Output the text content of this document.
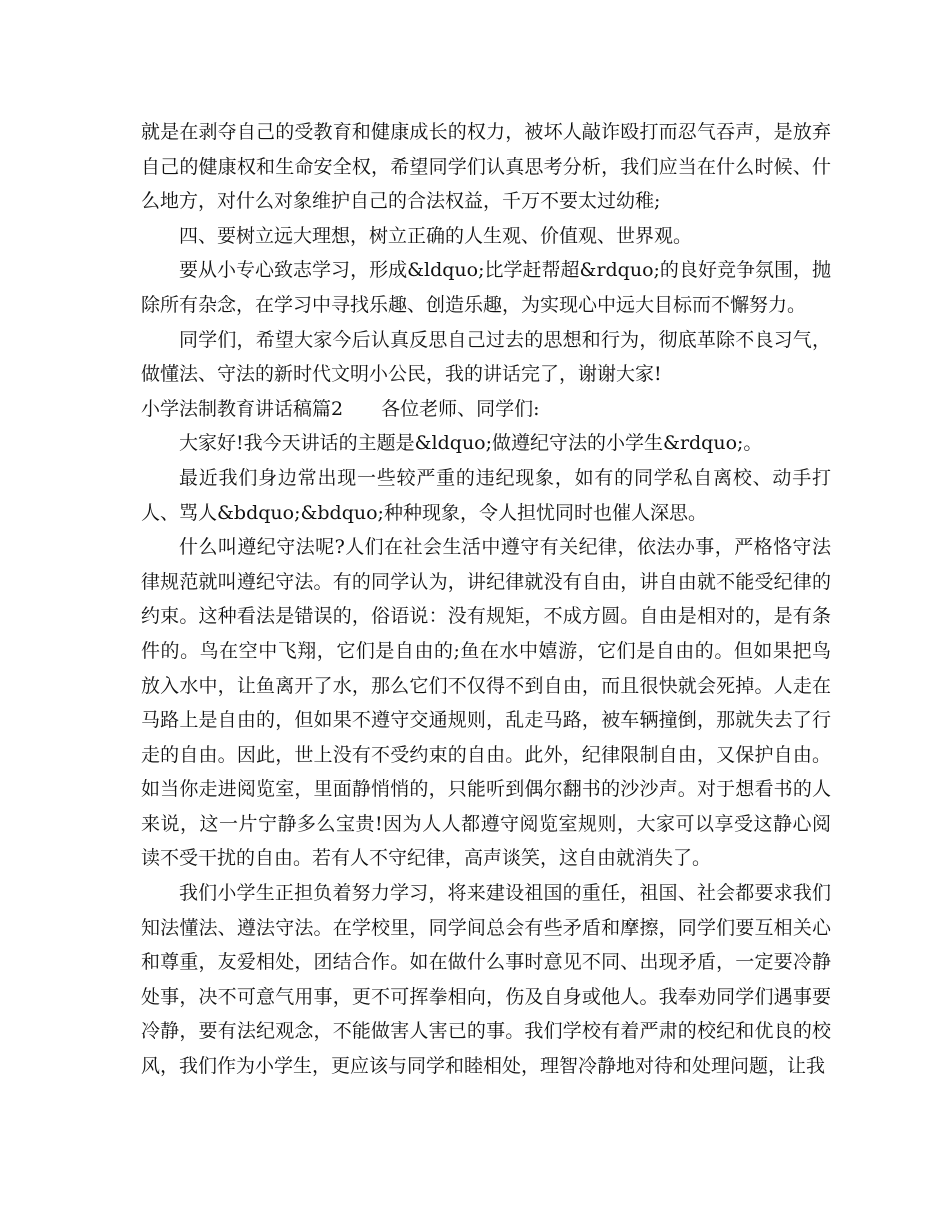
就是在剥夺自己的受教育和健康成长的权力，被坏人敲诈殴打而忍气吞声，是放弃自己的健康权和生命安全权，希望同学们认真思考分析，我们应当在什么时候、什么地方，对什么对象维护自己的合法权益，千万不要太过幼稚;

四、要树立远大理想，树立正确的人生观、价值观、世界观。

要从小专心致志学习，形成&ldquo;比学赶帮超&rdquo;的良好竞争氛围，抛除所有杂念，在学习中寻找乐趣、创造乐趣，为实现心中远大目标而不懈努力。

同学们，希望大家今后认真反思自己过去的思想和行为，彻底革除不良习气，做懂法、守法的新时代文明小公民，我的讲话完了，谢谢大家!

小学法制教育讲话稿篇2 各位老师、同学们:

大家好!我今天讲话的主题是&ldquo;做遵纪守法的小学生&rdquo;。

最近我们身边常出现一些较严重的违纪现象，如有的同学私自离校、动手打人、骂人&bdquo;&bdquo;种种现象，令人担忧同时也催人深思。

什么叫遵纪守法呢?人们在社会生活中遵守有关纪律，依法办事，严格恪守法律规范就叫遵纪守法。有的同学认为，讲纪律就没有自由，讲自由就不能受纪律的约束。这种看法是错误的，俗语说：没有规矩，不成方圆。自由是相对的，是有条件的。鸟在空中飞翔，它们是自由的;鱼在水中嬉游，它们是自由的。但如果把鸟放入水中，让鱼离开了水，那么它们不仅得不到自由，而且很快就会死掉。人走在马路上是自由的，但如果不遵守交通规则，乱走马路，被车辆撞倒，那就失去了行走的自由。因此，世上没有不受约束的自由。此外，纪律限制自由，又保护自由。如当你走进阅览室，里面静悄悄的，只能听到偶尔翻书的沙沙声。对于想看书的人来说，这一片宁静多么宝贵!因为人人都遵守阅览室规则，大家可以享受这静心阅读不受干扰的自由。若有人不守纪律，高声谈笑，这自由就消失了。

我们小学生正担负着努力学习，将来建设祖国的重任，祖国、社会都要求我们知法懂法、遵法守法。在学校里，同学间总会有些矛盾和摩擦，同学们要互相关心和尊重，友爱相处，团结合作。如在做什么事时意见不同、出现矛盾，一定要冷静处事，决不可意气用事，更不可挥拳相向，伤及自身或他人。我奉劝同学们遇事要冷静，要有法纪观念，不能做害人害已的事。我们学校有着严肃的校纪和优良的校风，我们作为小学生，更应该与同学和睦相处，理智冷静地对待和处理问题，让我
